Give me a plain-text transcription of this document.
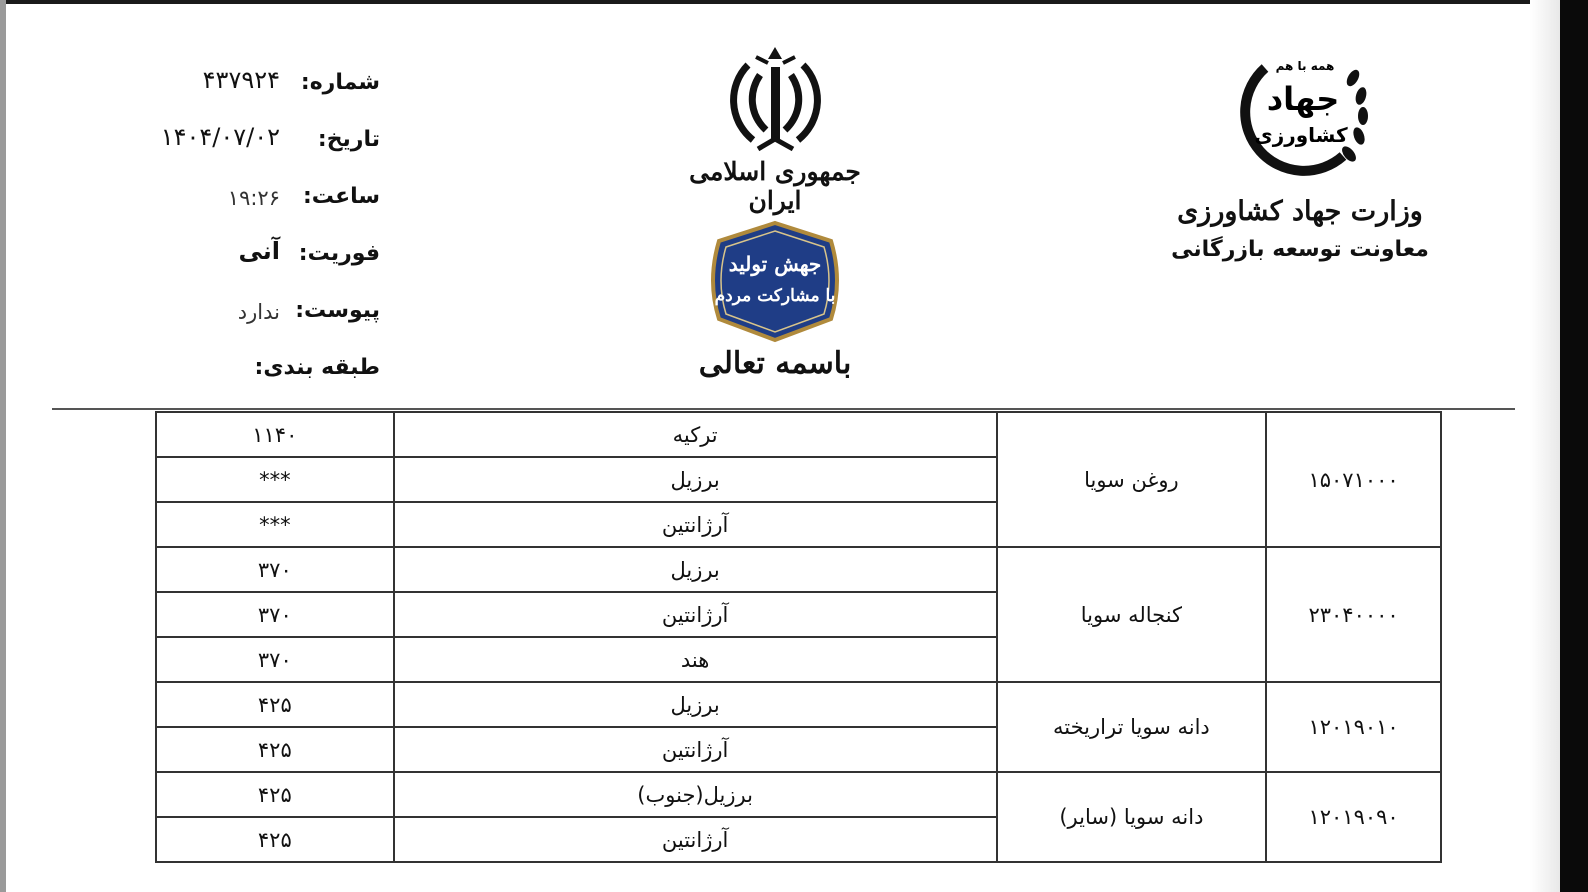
همه با هم
جهاد
کشاورزی
وزارت جهاد کشاورزی
معاونت توسعه بازرگانی
جمهوری اسلامی ایران
جهش تولید
با مشارکت مردم
باسمه تعالی
شماره:
۴۳۷۹۲۴
تاریخ:
۱۴۰۴/۰۷/۰۲
ساعت:
۱۹:۲۶
فوریت:
آنی
پیوست:
ندارد
طبقه بندی:
۱۵۰۷۱۰۰۰	روغن سویا	ترکیه	۱۱۴۰
		برزیل	***
		آرژانتین	***
۲۳۰۴۰۰۰۰	کنجاله سویا	برزیل	۳۷۰
		آرژانتین	۳۷۰
		هند	۳۷۰
۱۲۰۱۹۰۱۰	دانه سویا تراریخته	برزیل	۴۲۵
		آرژانتین	۴۲۵
۱۲۰۱۹۰۹۰	دانه سویا (سایر)	برزیل(جنوب)	۴۲۵
		آرژانتین	۴۲۵
